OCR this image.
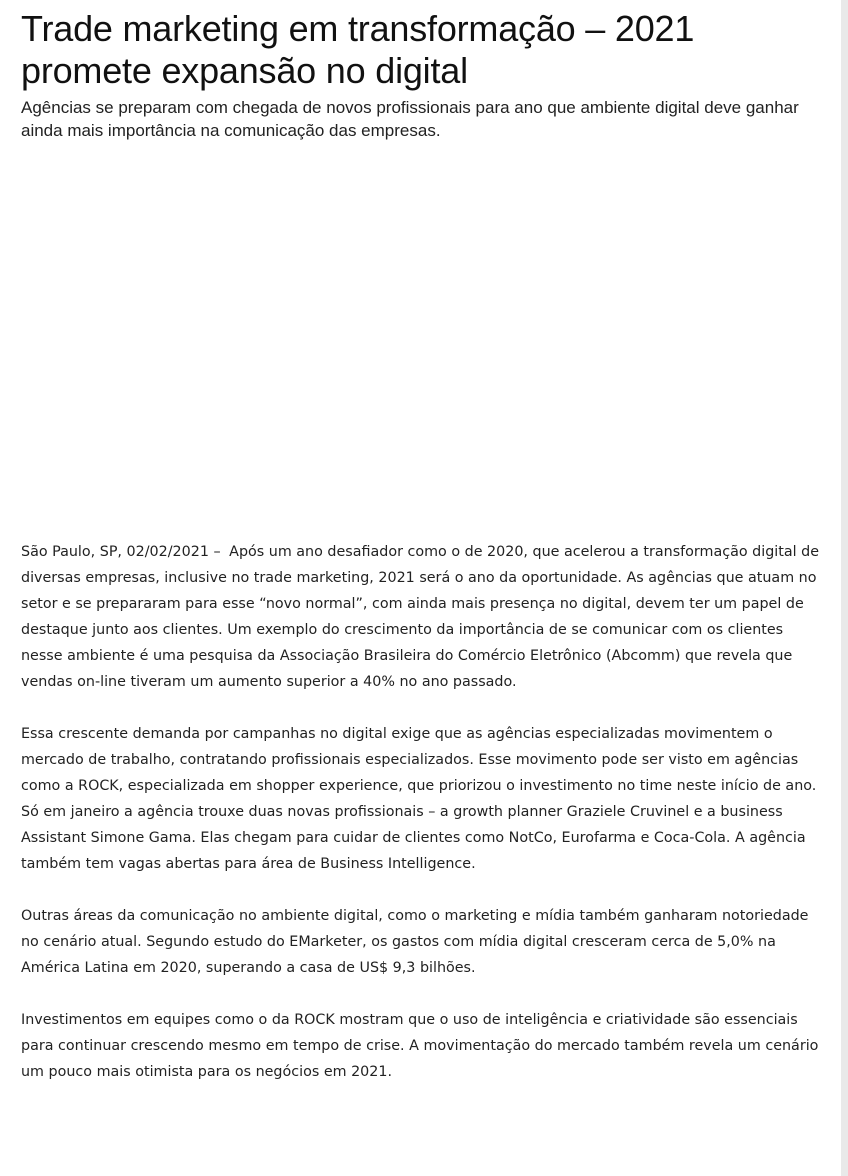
Trade marketing em transformação – 2021 promete expansão no digital

Agências se preparam com chegada de novos profissionais para ano que ambiente digital deve ganhar ainda mais importância na comunicação das empresas.

São Paulo, SP, 02/02/2021 – Após um ano desafiador como o de 2020, que acelerou a transformação digital de diversas empresas, inclusive no trade marketing, 2021 será o ano da oportunidade. As agências que atuam no setor e se prepararam para esse “novo normal”, com ainda mais presença no digital, devem ter um papel de destaque junto aos clientes. Um exemplo do crescimento da importância de se comunicar com os clientes nesse ambiente é uma pesquisa da Associação Brasileira do Comércio Eletrônico (Abcomm) que revela que vendas on-line tiveram um aumento superior a 40% no ano passado.

Essa crescente demanda por campanhas no digital exige que as agências especializadas movimentem o mercado de trabalho, contratando profissionais especializados. Esse movimento pode ser visto em agências como a ROCK, especializada em shopper experience, que priorizou o investimento no time neste início de ano. Só em janeiro a agência trouxe duas novas profissionais – a growth planner Graziele Cruvinel e a business Assistant Simone Gama. Elas chegam para cuidar de clientes como NotCo, Eurofarma e Coca-Cola. A agência também tem vagas abertas para área de Business Intelligence.

Outras áreas da comunicação no ambiente digital, como o marketing e mídia também ganharam notoriedade no cenário atual. Segundo estudo do EMarketer, os gastos com mídia digital cresceram cerca de 5,0% na América Latina em 2020, superando a casa de US$ 9,3 bilhões.

Investimentos em equipes como o da ROCK mostram que o uso de inteligência e criatividade são essenciais para continuar crescendo mesmo em tempo de crise. A movimentação do mercado também revela um cenário um pouco mais otimista para os negócios em 2021.
